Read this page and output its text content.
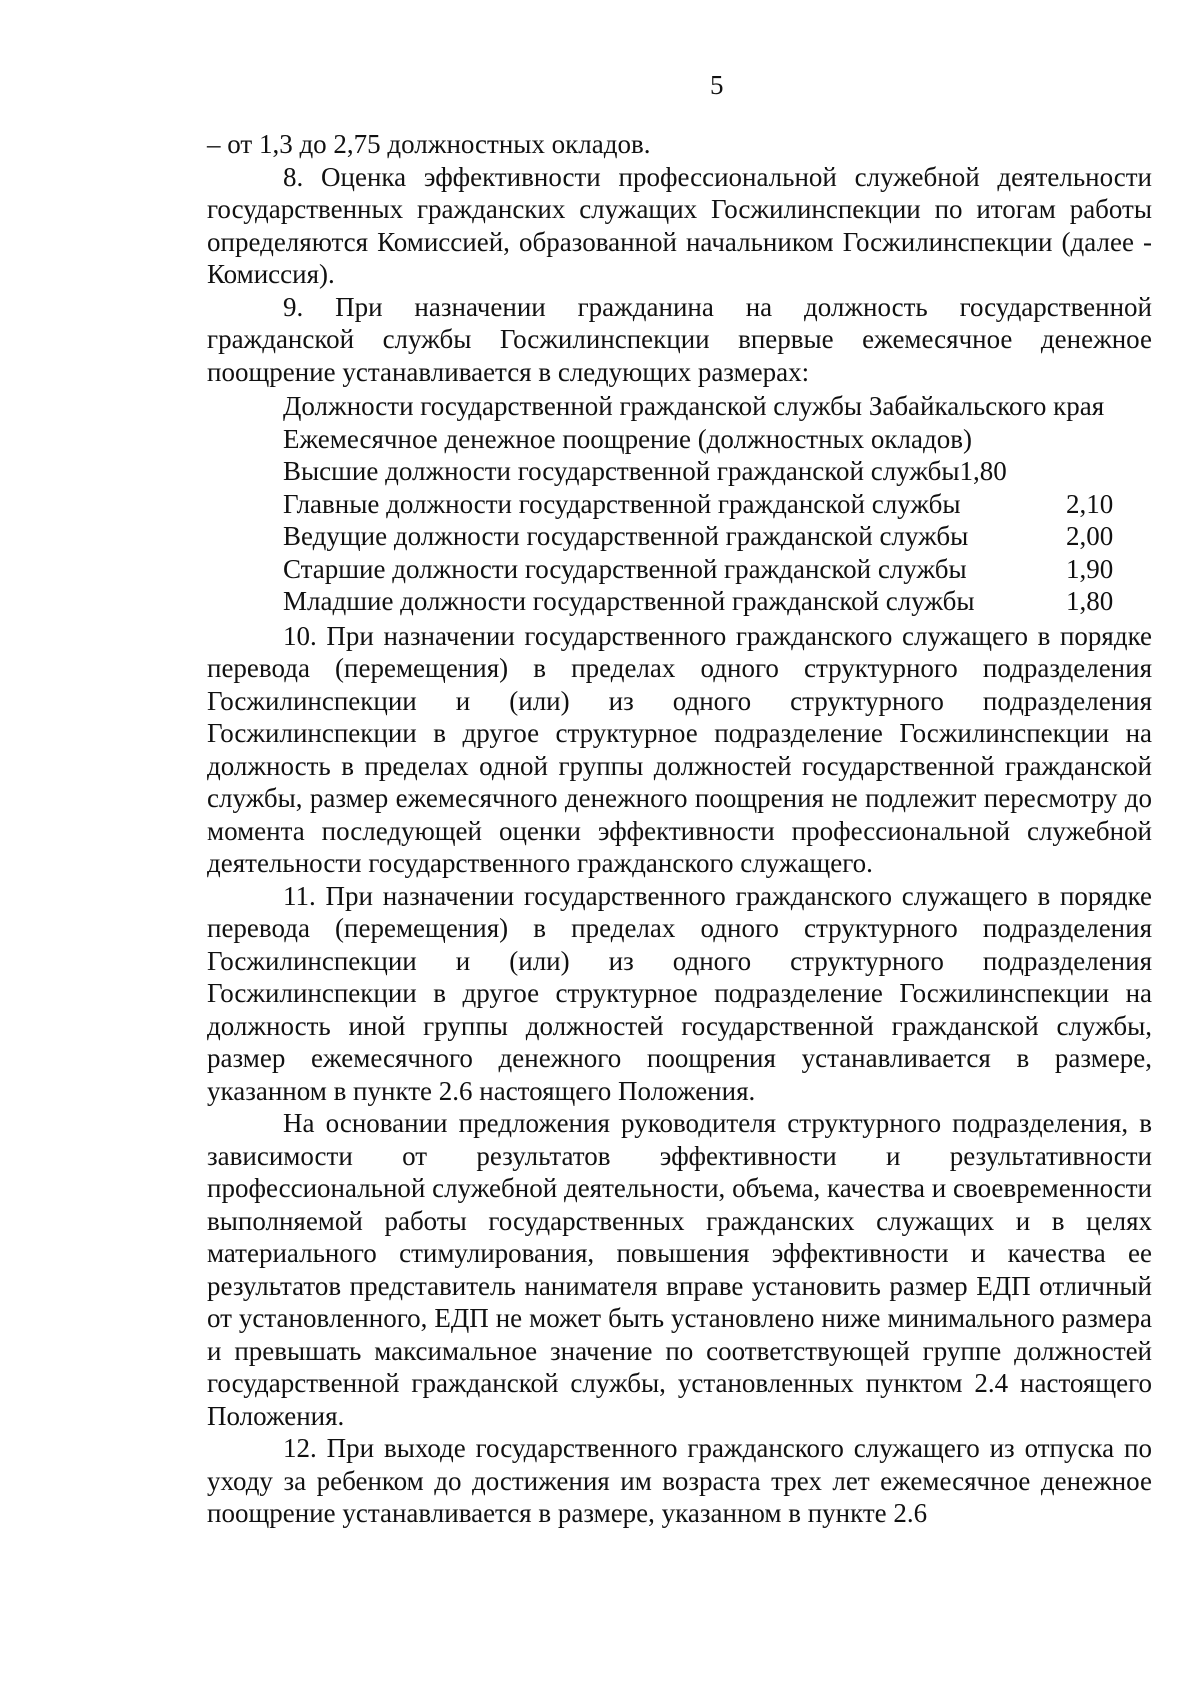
5

– от 1,3 до 2,75 должностных окладов.

8. Оценка эффективности профессиональной служебной деятельности государственных гражданских служащих Госжилинспекции по итогам работы определяются Комиссией, образованной начальником Госжилинспекции (далее - Комиссия).

9. При назначении гражданина на должность государственной гражданской службы Госжилинспекции впервые ежемесячное денежное поощрение устанавливается в следующих размерах:

Должности государственной гражданской службы Забайкальского края
Ежемесячное денежное поощрение (должностных окладов)
Высшие должности государственной гражданской службы 1,80
Главные должности государственной гражданской службы	2,10
Ведущие должности государственной гражданской службы	2,00
Старшие должности государственной гражданской службы	1,90
Младшие должности государственной гражданской службы	1,80

10. При назначении государственного гражданского служащего в порядке перевода (перемещения) в пределах одного структурного подразделения Госжилинспекции и (или) из одного структурного подразделения Госжилинспекции в другое структурное подразделение Госжилинспекции на должность в пределах одной группы должностей государственной гражданской службы, размер ежемесячного денежного поощрения не подлежит пересмотру до момента последующей оценки эффективности профессиональной служебной деятельности государственного гражданского служащего.

11. При назначении государственного гражданского служащего в порядке перевода (перемещения) в пределах одного структурного подразделения Госжилинспекции и (или) из одного структурного подразделения Госжилинспекции в другое структурное подразделение Госжилинспекции на должность иной группы должностей государственной гражданской службы, размер ежемесячного денежного поощрения устанавливается в размере, указанном в пункте 2.6 настоящего Положения.

На основании предложения руководителя структурного подразделения, в зависимости от результатов эффективности и результативности профессиональной служебной деятельности, объема, качества и своевременности выполняемой работы государственных гражданских служащих и в целях материального стимулирования, повышения эффективности и качества ее результатов представитель нанимателя вправе установить размер ЕДП отличный от установленного, ЕДП не может быть установлено ниже минимального размера и превышать максимальное значение по соответствующей группе должностей государственной гражданской службы, установленных пунктом 2.4 настоящего Положения.

12. При выходе государственного гражданского служащего из отпуска по уходу за ребенком до достижения им возраста трех лет ежемесячное денежное поощрение устанавливается в размере, указанном в пункте 2.6
